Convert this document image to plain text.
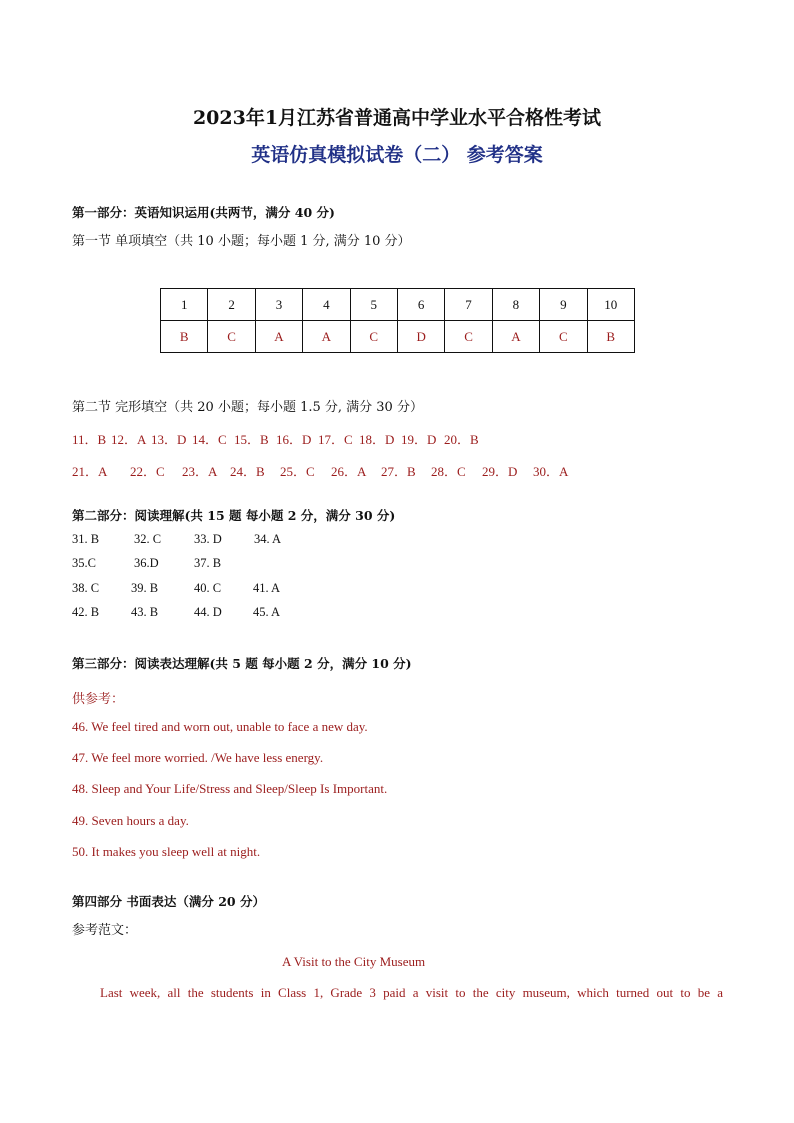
2023年1月江苏省普通高中学业水平合格性考试
英语仿真模拟试卷（二） 参考答案
第一部分：英语知识运用(共两节，满分 40 分)
第一节 单项填空（共 10 小题；每小题 1 分, 满分 10 分）
1	2	3	4	5	6	7	8	9	10
B	C	A	A	C	D	C	A	C	B
第二节 完形填空（共 20 小题；每小题 1.5 分, 满分 30 分）
11．B 12．A 13．D 14．C 15．B 16．D 17．C 18．D 19．D 20．B
21．A	22．C	23．A 24．B	25．C	26．A	27．B	28．C	29．D	30．A
第二部分：阅读理解(共 15 题 每小题 2 分，满分 30 分)
31. B	32. C	33. D	34. A
35.C	36.D	37. B
38. C	39. B	40. C	41. A
42. B	43. B	44. D	45. A
第三部分：阅读表达理解(共 5 题 每小题 2 分，满分 10 分)
供参考：
46. We feel tired and worn out, unable to face a new day.
47. We feel more worried. /We have less energy.
48. Sleep and Your Life/Stress and Sleep/Sleep Is Important.
49. Seven hours a day.
50. It makes you sleep well at night.
第四部分 书面表达（满分 20 分）
参考范文：
A Visit to the City Museum
Last week, all the students in Class 1, Grade 3 paid a visit to the city museum, which turned out to be a
